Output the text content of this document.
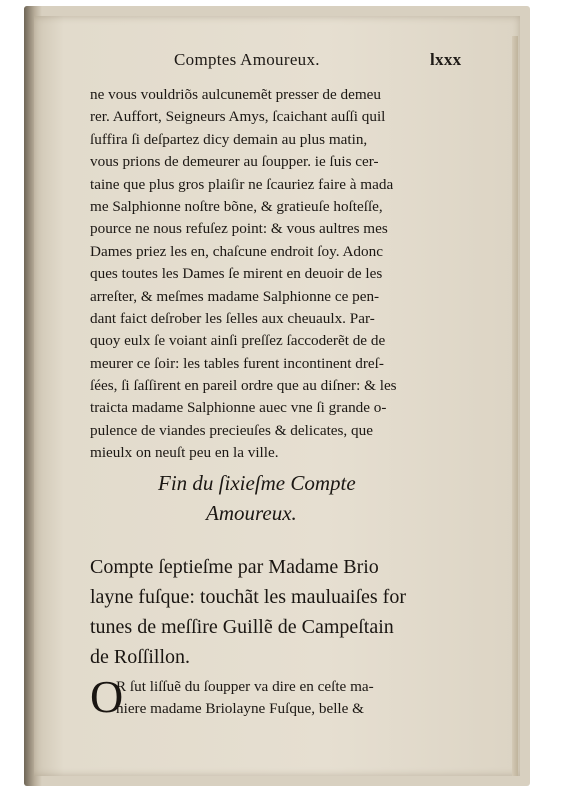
Comptes Amoureux.	lxxx
ne vous vouldriõs aulcunemẽt presser de demeu
rer. Auffort, Seigneurs Amys, ſcaichant auſſi quil
ſuffira ſi deſpartez dicy demain au plus matin,
vous prions de demeurer au ſoupper. ie ſuis cer-
taine que plus gros plaiſir ne ſcauriez faire à mada
me Salphionne noſtre bõne, & gratieuſe hoſteſſe,
pource ne nous refuſez point: & vous aultres mes
Dames priez les en, chaſcune endroit ſoy. Adonc
ques toutes les Dames ſe mirent en deuoir de les
arreſter, & meſmes madame Salphionne ce pen-
dant faict deſrober les ſelles aux cheuaulx. Par-
quoy eulx ſe voiant ainſi preſſez ſaccoderẽt de de
meurer ce ſoir: les tables furent incontinent dreſ-
ſées, ſi ſaſſirent en pareil ordre que au diſner: & les
traicta madame Salphionne auec vne ſi grande o-
pulence de viandes precieuſes & delicates, que
mieulx on neuſt peu en la ville.
Fin du ſixieſme Compte
Amoureux.
Compte ſeptieſme par Madame Brio
layne fuſque: touchãt les mauluaiſes for
tunes de meſſire Guillẽ de Campeſtain
de Roſſillon.
O
R ſut liſſuẽ du ſoupper va dire en ceſte ma-
niere madame Briolayne Fuſque, belle &
